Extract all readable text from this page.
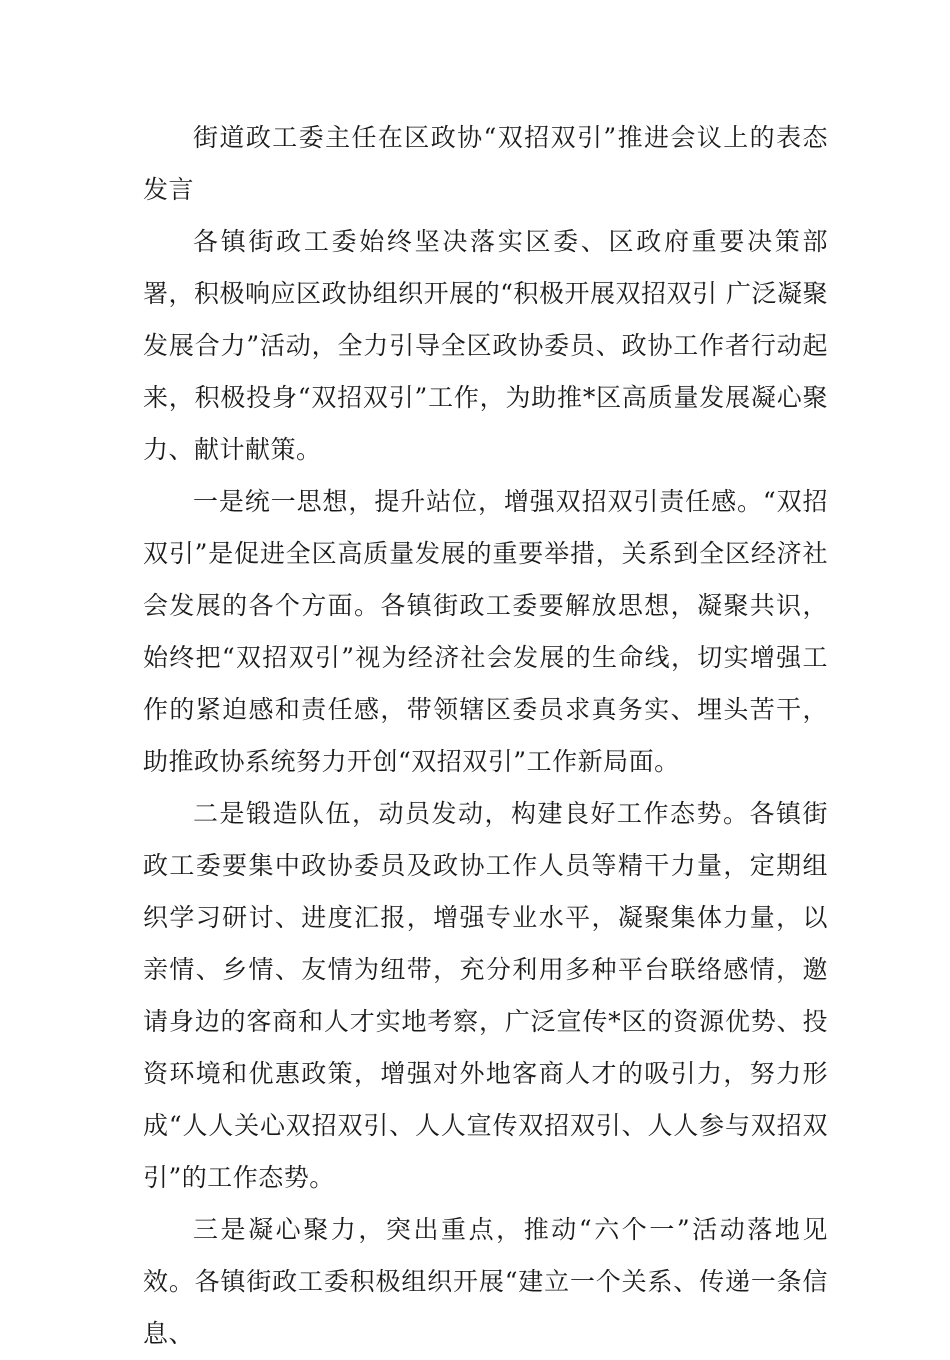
街道政工委主任在区政协“双招双引”推进会议上的表态发言

各镇街政工委始终坚决落实区委、区政府重要决策部署，积极响应区政协组织开展的“积极开展双招双引 广泛凝聚发展合力”活动，全力引导全区政协委员、政协工作者行动起来，积极投身“双招双引”工作，为助推*区高质量发展凝心聚力、献计献策。

一是统一思想，提升站位，增强双招双引责任感。“双招双引”是促进全区高质量发展的重要举措，关系到全区经济社会发展的各个方面。各镇街政工委要解放思想，凝聚共识，始终把“双招双引”视为经济社会发展的生命线，切实增强工作的紧迫感和责任感，带领辖区委员求真务实、埋头苦干，助推政协系统努力开创“双招双引”工作新局面。

二是锻造队伍，动员发动，构建良好工作态势。各镇街政工委要集中政协委员及政协工作人员等精干力量，定期组织学习研讨、进度汇报，增强专业水平，凝聚集体力量，以亲情、乡情、友情为纽带，充分利用多种平台联络感情，邀请身边的客商和人才实地考察，广泛宣传*区的资源优势、投资环境和优惠政策，增强对外地客商人才的吸引力，努力形成“人人关心双招双引、人人宣传双招双引、人人参与双招双引”的工作态势。

三是凝心聚力，突出重点，推动“六个一”活动落地见效。各镇街政工委积极组织开展“建立一个关系、传递一条信息、
